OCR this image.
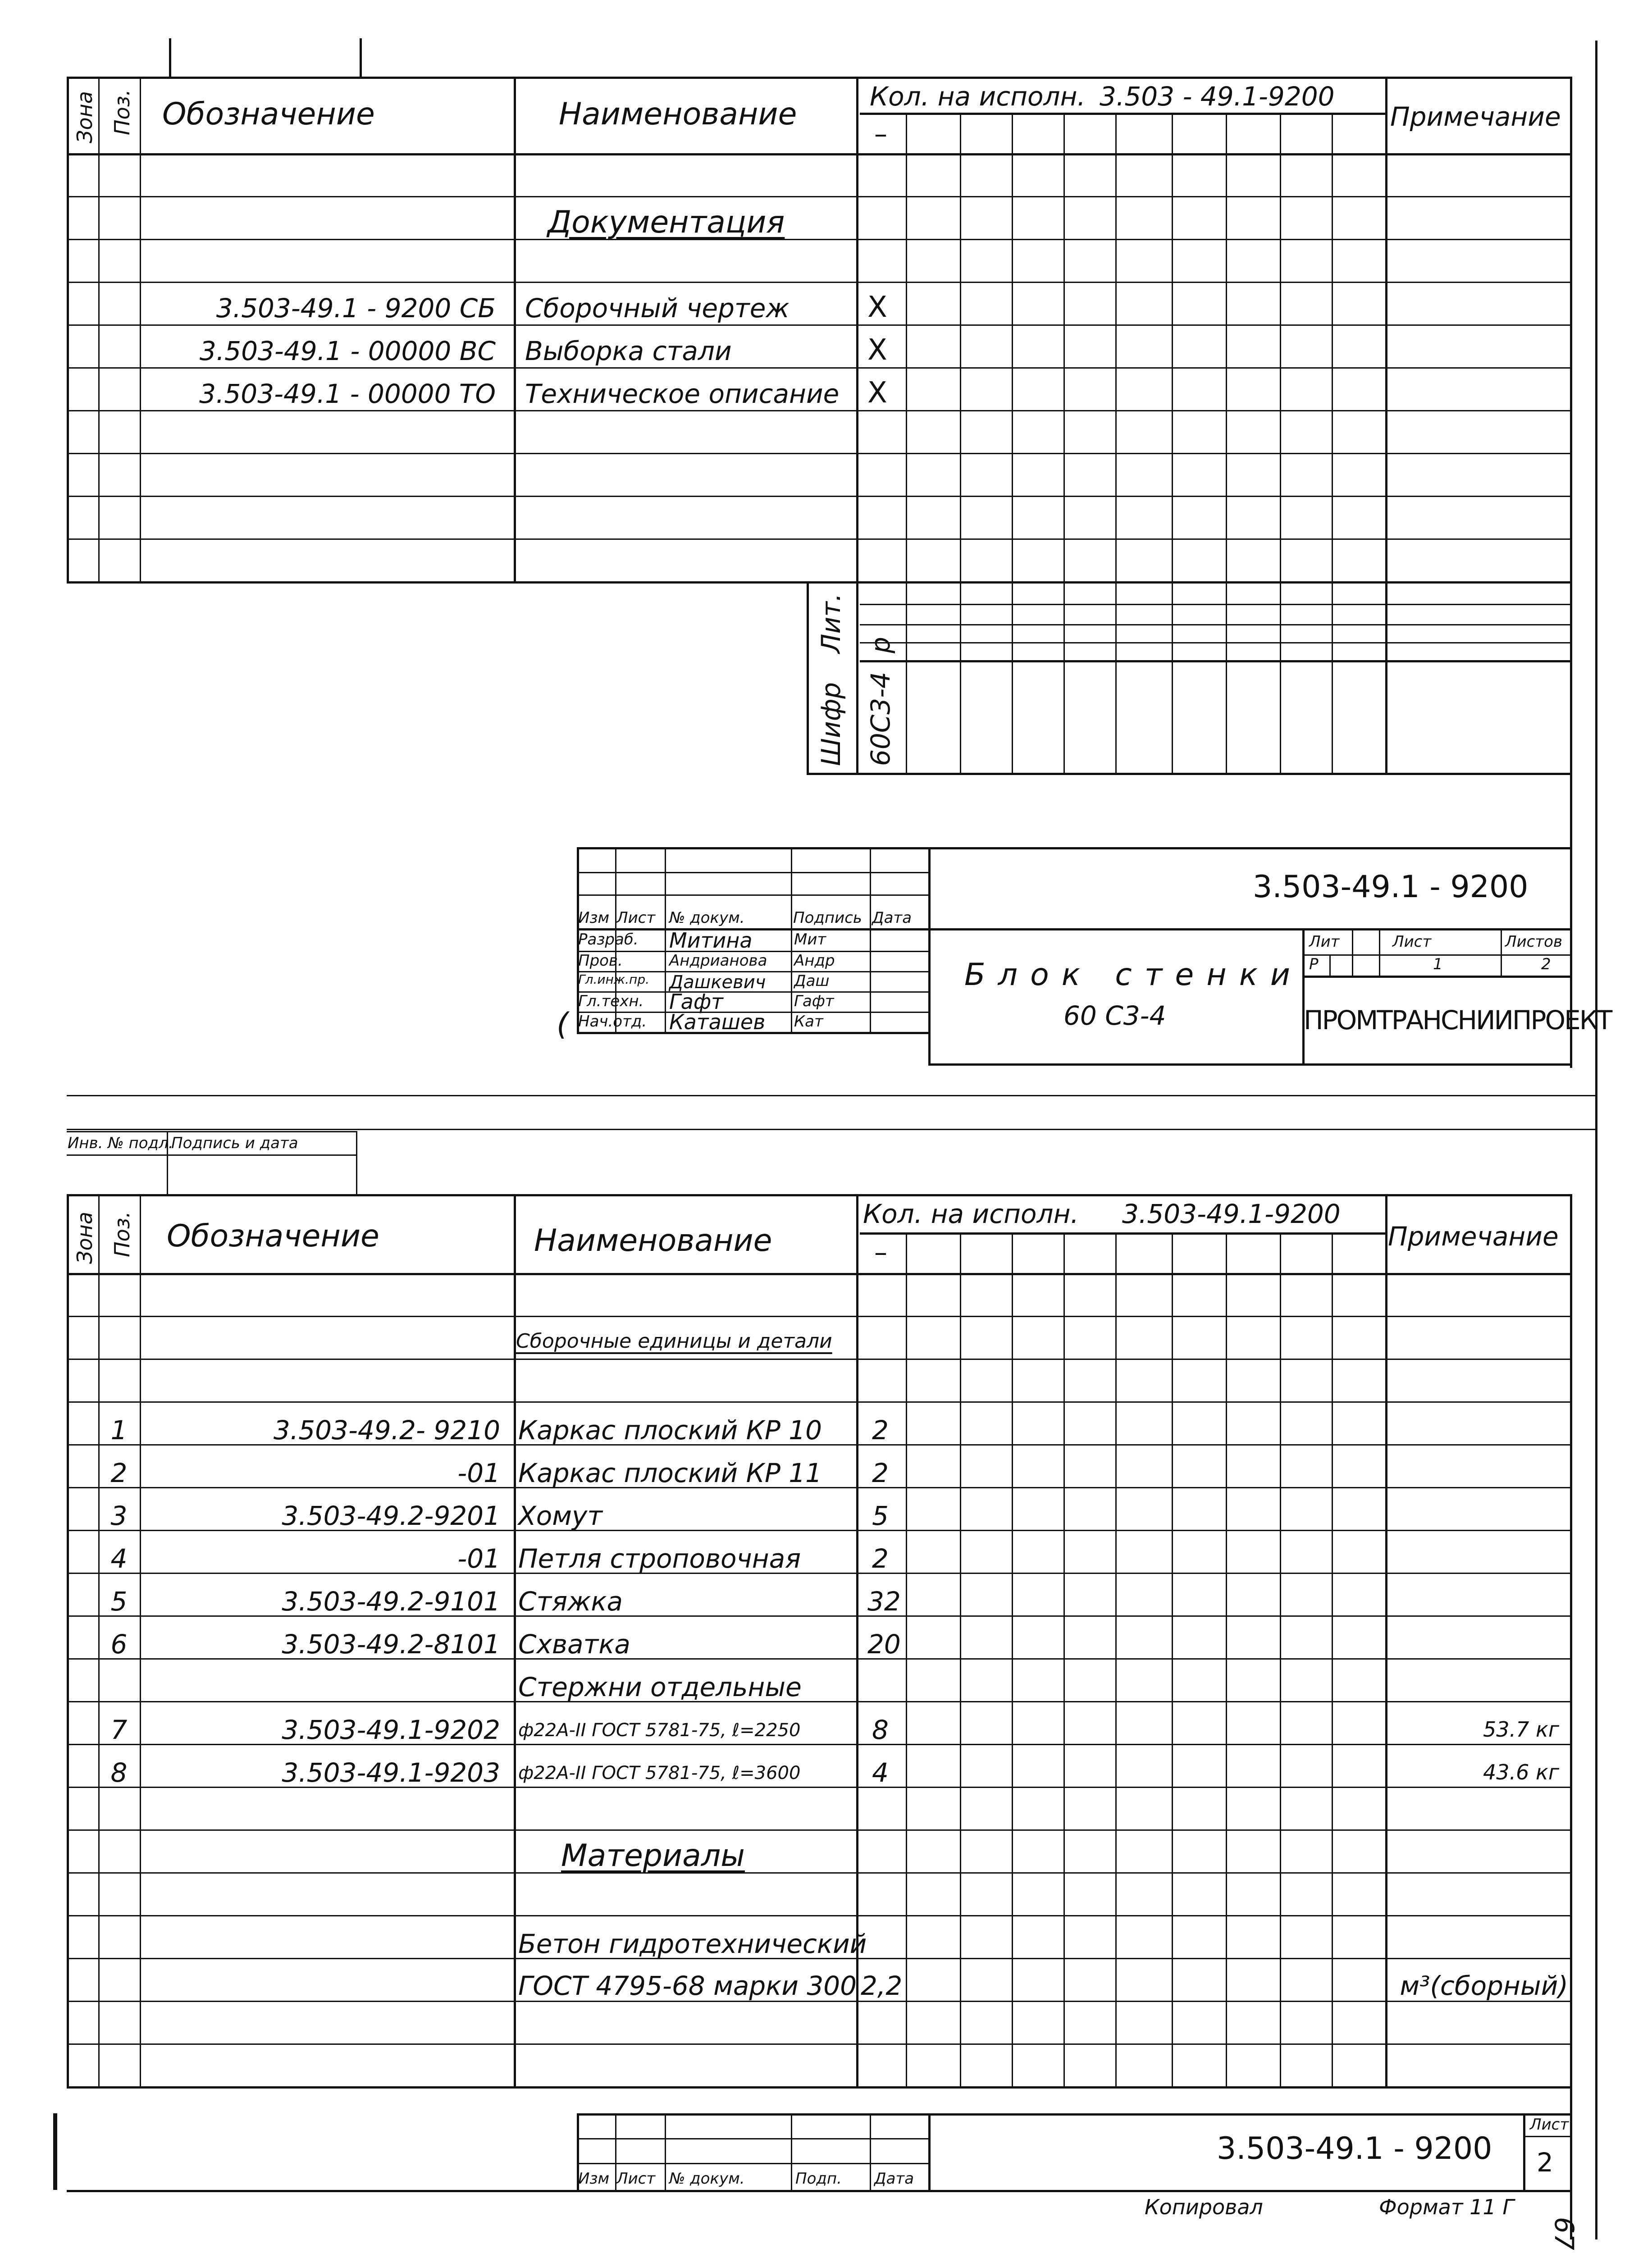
Зона Поз. Обозначение	Наименование	Кол. на исполн. 3.503 - 49.1-9200
–
Примечание
Документация
3.503-49.1 - 9200 СБ Сборочный чертеж	X
3.503-49.1 - 00000 ВС Выборка стали	X
3.503-49.1 - 00000 ТО Техническое описание X
Шифр
Лит.
60С3-4
р
Изм Лист № докум.	Подпись Дата
Разраб. Митина	Мит
Пров.	Андрианова Андр
Гл.инж.пр. Дашкевич Даш
Гл.техн. Гафт	Гафт
Нач.отд. Каташев Кат
(
3.503-49.1 - 9200
Блок стенки
60 С3-4
Лит	Лист	Листов
Р	1	2
ПРОМТРАНСНИИПРОЕКТ
Инв. № подл.
Подпись и дата
Зона Поз. Обозначение	Наименование
Кол. на исполн. 3.503-49.1-9200
–
Примечание
Сборочные единицы и детали
1	3.503-49.2- 9210 Каркас плоский КР 10 2
2	-01 Каркас плоский КР 11 2
3	3.503-49.2-9201 Хомут	5
4	-01 Петля строповочная	2
5	3.503-49.2-9101 Стяжка	32
6	3.503-49.2-8101 Схватка	20
Стержни отдельные
7	3.503-49.1-9202 ф22А-II ГОСТ 5781-75, ℓ=2250	8	53.7 кг
8	3.503-49.1-9203 ф22А-II ГОСТ 5781-75, ℓ=3600	4	43.6 кг
Материалы
Бетон гидротехнический
ГОСТ 4795-68 марки 300 2,2	м³(сборный)
Изм Лист № докум.	Подп. Дата
3.503-49.1 - 9200
Лист
2
Копировал	Формат 11 Г
67
